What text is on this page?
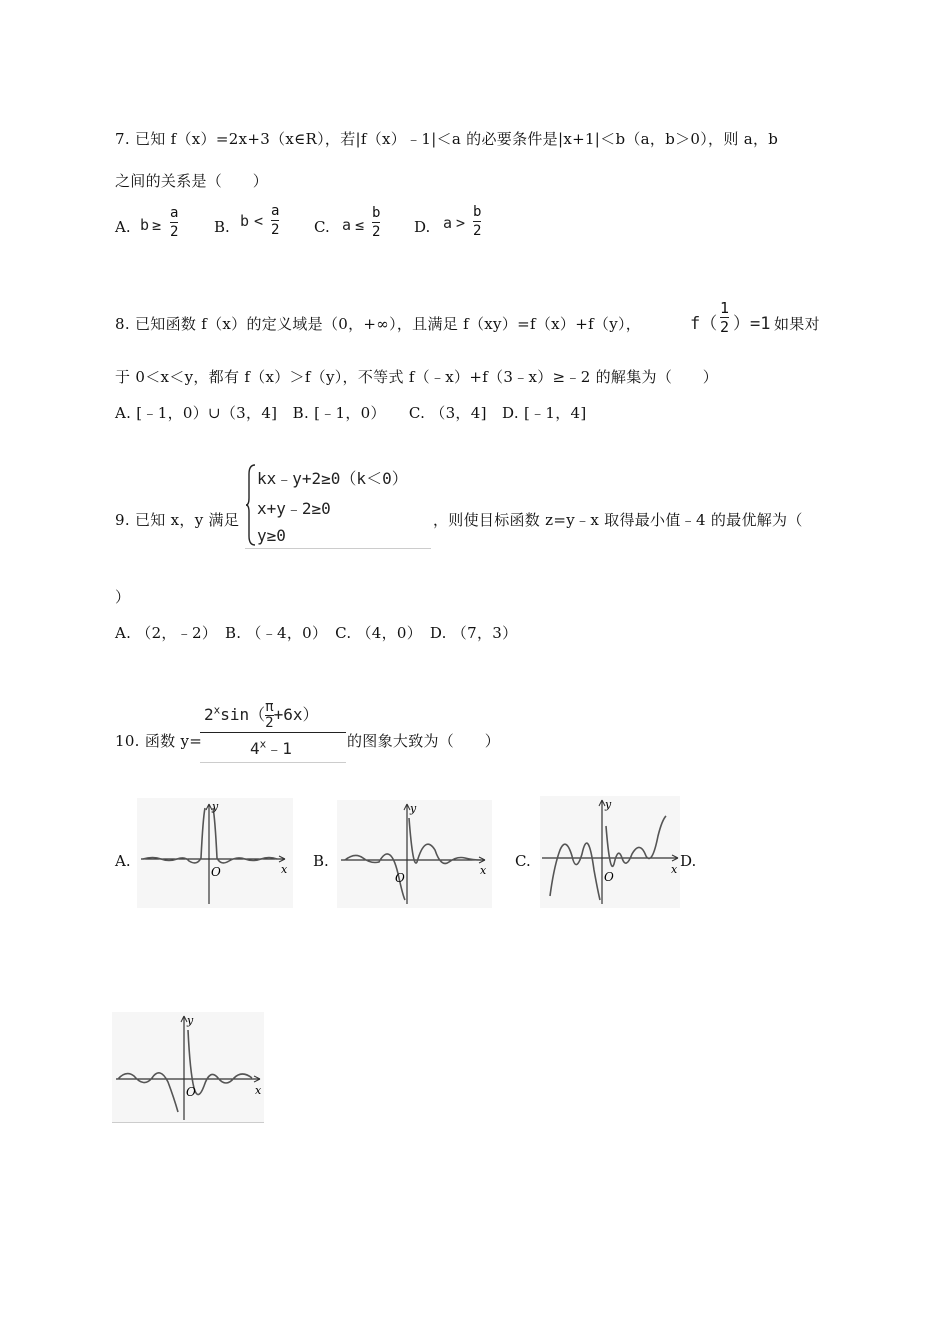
7. 已知 f（x）=2x+3（x∈R），若|f（x）﹣1|＜a 的必要条件是|x+1|＜b（a，b＞0），则 a，b
之间的关系是（　　）
A. b ≥
a
2 B. b <
a
2 C. a ≤
b
2 D. a >
b
2
8. 已知函数 f（x）的定义域是（0，+∞），且满足 f（xy）=f（x）+f（y），	f（
1
2 ）=1 如果对
于 0＜x＜y，都有 f（x）＞f（y），不等式 f（﹣x）+f（3﹣x）≥﹣2 的解集为（　　）
A. [﹣1，0）∪（3，4]　B. [﹣1，0）　　C. （3，4]　D. [﹣1，4]
9. 已知 x，y 满足
kx﹣y+2≥0（k＜0）
x+y﹣2≥0
y≥0
，则使目标函数 z=y﹣x 取得最小值﹣4 的最优解为（
）
A. （2，﹣2）　B. （﹣4，0）　C. （4，0）　D. （7，3）
10. 函数 y=
$2^x\sin( \frac{\pi}{2} +6x)$
4$^x$﹣1	的图象大致为（　　）
A.	B.	C.	D.
y
x
O
y
x
O
y
x
O
y
x
O
